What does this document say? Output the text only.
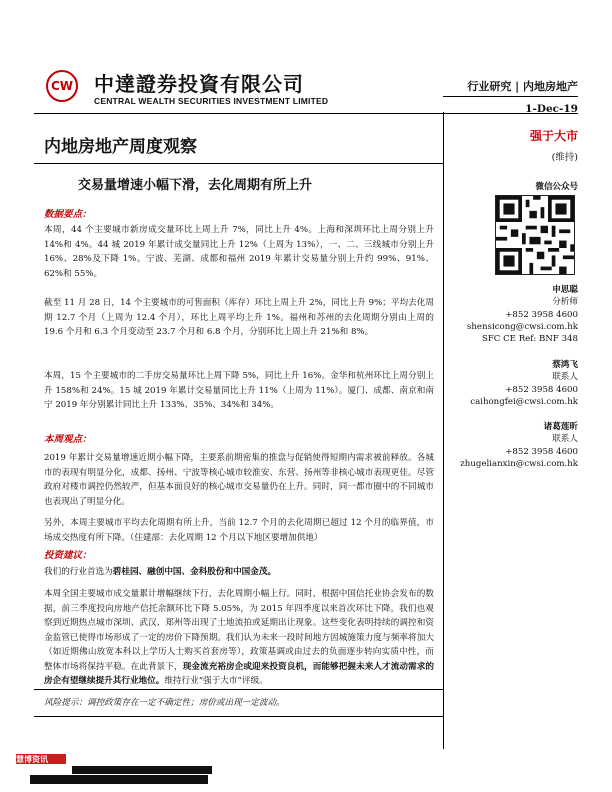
CW 中達證券投資有限公司
CENTRAL WEALTH SECURITIES INVESTMENT LIMITED
行业研究 | 内地房地产
1-Dec-19
内地房地产周度观察
交易量增速小幅下滑，去化周期有所上升
数据要点：
本周，44 个主要城市新房成交量环比上周上升 7%，同比上升 4%。上海和深圳环比上周分别上升 14%和 4%。44 城 2019 年累计成交量同比上升 12%（上周为 13%），一、二、三线城市分别上升 16%、28%及下降 1%。宁波、芜湖、成都和福州 2019 年累计交易量分别上升约 99%、91%、62%和 55%。
截至 11 月 28 日，14 个主要城市的可售面积（库存）环比上周上升 2%，同比上升 9%；平均去化周期 12.7 个月（上周为 12.4 个月），环比上周平均上升 1%。福州和苏州的去化周期分别由上周的 19.6 个月和 6.3 个月变动至 23.7 个月和 6.8 个月，分别环比上周上升 21%和 8%。
本周，15 个主要城市的二手房交易量环比上周下降 5%，同比上升 16%。金华和杭州环比上周分别上升 158%和 24%。15 城 2019 年累计交易量同比上升 11%（上周为 11%）。厦门、成都、南京和南宁 2019 年分别累计同比上升 133%、35%、34%和 34%。
本周观点：
2019 年累计交易量增速近期小幅下降，主要系前期密集的推盘与促销使得短期内需求被前释放。各城市的表现有明显分化，成都、扬州、宁波等核心城市较淮安、东营、扬州等非核心城市表现更佳。尽管政府对楼市调控仍然较严，但基本面良好的核心城市交易量仍在上升。同时，同一都市圈中的不同城市也表现出了明显分化。
另外，本周主要城市平均去化周期有所上升，当前 12.7 个月的去化周期已超过 12 个月的临界值，市场成交热度有所下降。（住建部：去化周期 12 个月以下地区要增加供地）
投资建议：
我们的行业首选为碧桂园、融创中国、金科股份和中国金茂。
本周全国主要城市成交量累计增幅继续下行，去化周期小幅上行。同时，根据中国信托业协会发布的数据，前三季度投向房地产信托余额环比下降 5.05%，为 2015 年四季度以来首次环比下降。我们也观察到近期热点城市深圳、武汉、郑州等出现了土地流拍或延期出让现象。这些变化表明持续的调控和资金监管已使得市场形成了一定的房价下降预期。我们认为未来一段时间地方因城施策力度与频率将加大（如近期佛山放宽本科以上学历人士购买首套房等），政策基调或由过去的负面逐步转向实质中性，而整体市场将保持平稳。在此背景下，现金流充裕房企或迎来投资良机，而能够把握未来人才流动需求的房企有望继续提升其行业地位。维持行业“强于大市”评级。
风险提示：调控政策存在一定不确定性；房价或出现一定波动。
强于大市
(维持)
微信公众号
申思聪
分析师
+852 3958 4600
shensicong@cwsi.com.hk
SFC CE Ref: BNF 348
蔡鸿飞
联系人
+852 3958 4600
caihongfei@cwsi.com.hk
诸葛莲昕
联系人
+852 3958 4600
zhugelianxin@cwsi.com.hk
慧博资讯
